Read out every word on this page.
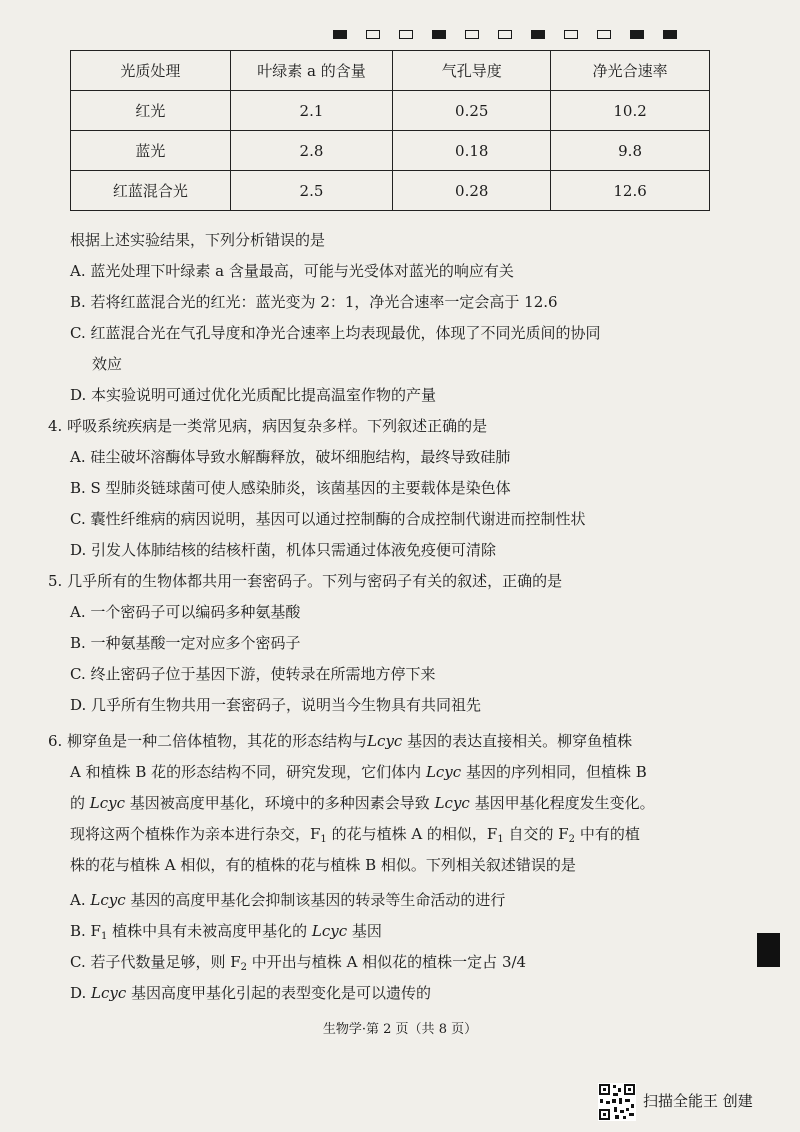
光质处理	叶绿素 a 的含量	气孔导度	净光合速率
红光	2.1	0.25	10.2
蓝光	2.8	0.18	9.8
红蓝混合光	2.5	0.28	12.6
根据上述实验结果，下列分析错误的是
A. 蓝光处理下叶绿素 a 含量最高，可能与光受体对蓝光的响应有关
B. 若将红蓝混合光的红光：蓝光变为 2：1，净光合速率一定会高于 12.6
C. 红蓝混合光在气孔导度和净光合速率上均表现最优，体现了不同光质间的协同
效应
D. 本实验说明可通过优化光质配比提高温室作物的产量
4. 呼吸系统疾病是一类常见病，病因复杂多样。下列叙述正确的是
A. 硅尘破坏溶酶体导致水解酶释放，破坏细胞结构，最终导致硅肺
B. S 型肺炎链球菌可使人感染肺炎，该菌基因的主要载体是染色体
C. 囊性纤维病的病因说明，基因可以通过控制酶的合成控制代谢进而控制性状
D. 引发人体肺结核的结核杆菌，机体只需通过体液免疫便可清除
5. 几乎所有的生物体都共用一套密码子。下列与密码子有关的叙述，正确的是
A. 一个密码子可以编码多种氨基酸
B. 一种氨基酸一定对应多个密码子
C. 终止密码子位于基因下游，使转录在所需地方停下来
D. 几乎所有生物共用一套密码子，说明当今生物具有共同祖先
6. 柳穿鱼是一种二倍体植物，其花的形态结构与Lcyc 基因的表达直接相关。柳穿鱼植株
A 和植株 B 花的形态结构不同，研究发现，它们体内 Lcyc 基因的序列相同，但植株 B
的 Lcyc 基因被高度甲基化，环境中的多种因素会导致 Lcyc 基因甲基化程度发生变化。
现将这两个植株作为亲本进行杂交，$F_1$ 的花与植株 A 的相似，$F_1$ 自交的 $F_2$ 中有的植
株的花与植株 A 相似，有的植株的花与植株 B 相似。下列相关叙述错误的是
A. Lcyc 基因的高度甲基化会抑制该基因的转录等生命活动的进行
B. $F_1$ 植株中具有未被高度甲基化的 Lcyc 基因
C. 若子代数量足够，则 $F_2$ 中开出与植株 A 相似花的植株一定占 3/4
D. Lcyc 基因高度甲基化引起的表型变化是可以遗传的
生物学·第 2 页（共 8 页）
扫描全能王 创建
